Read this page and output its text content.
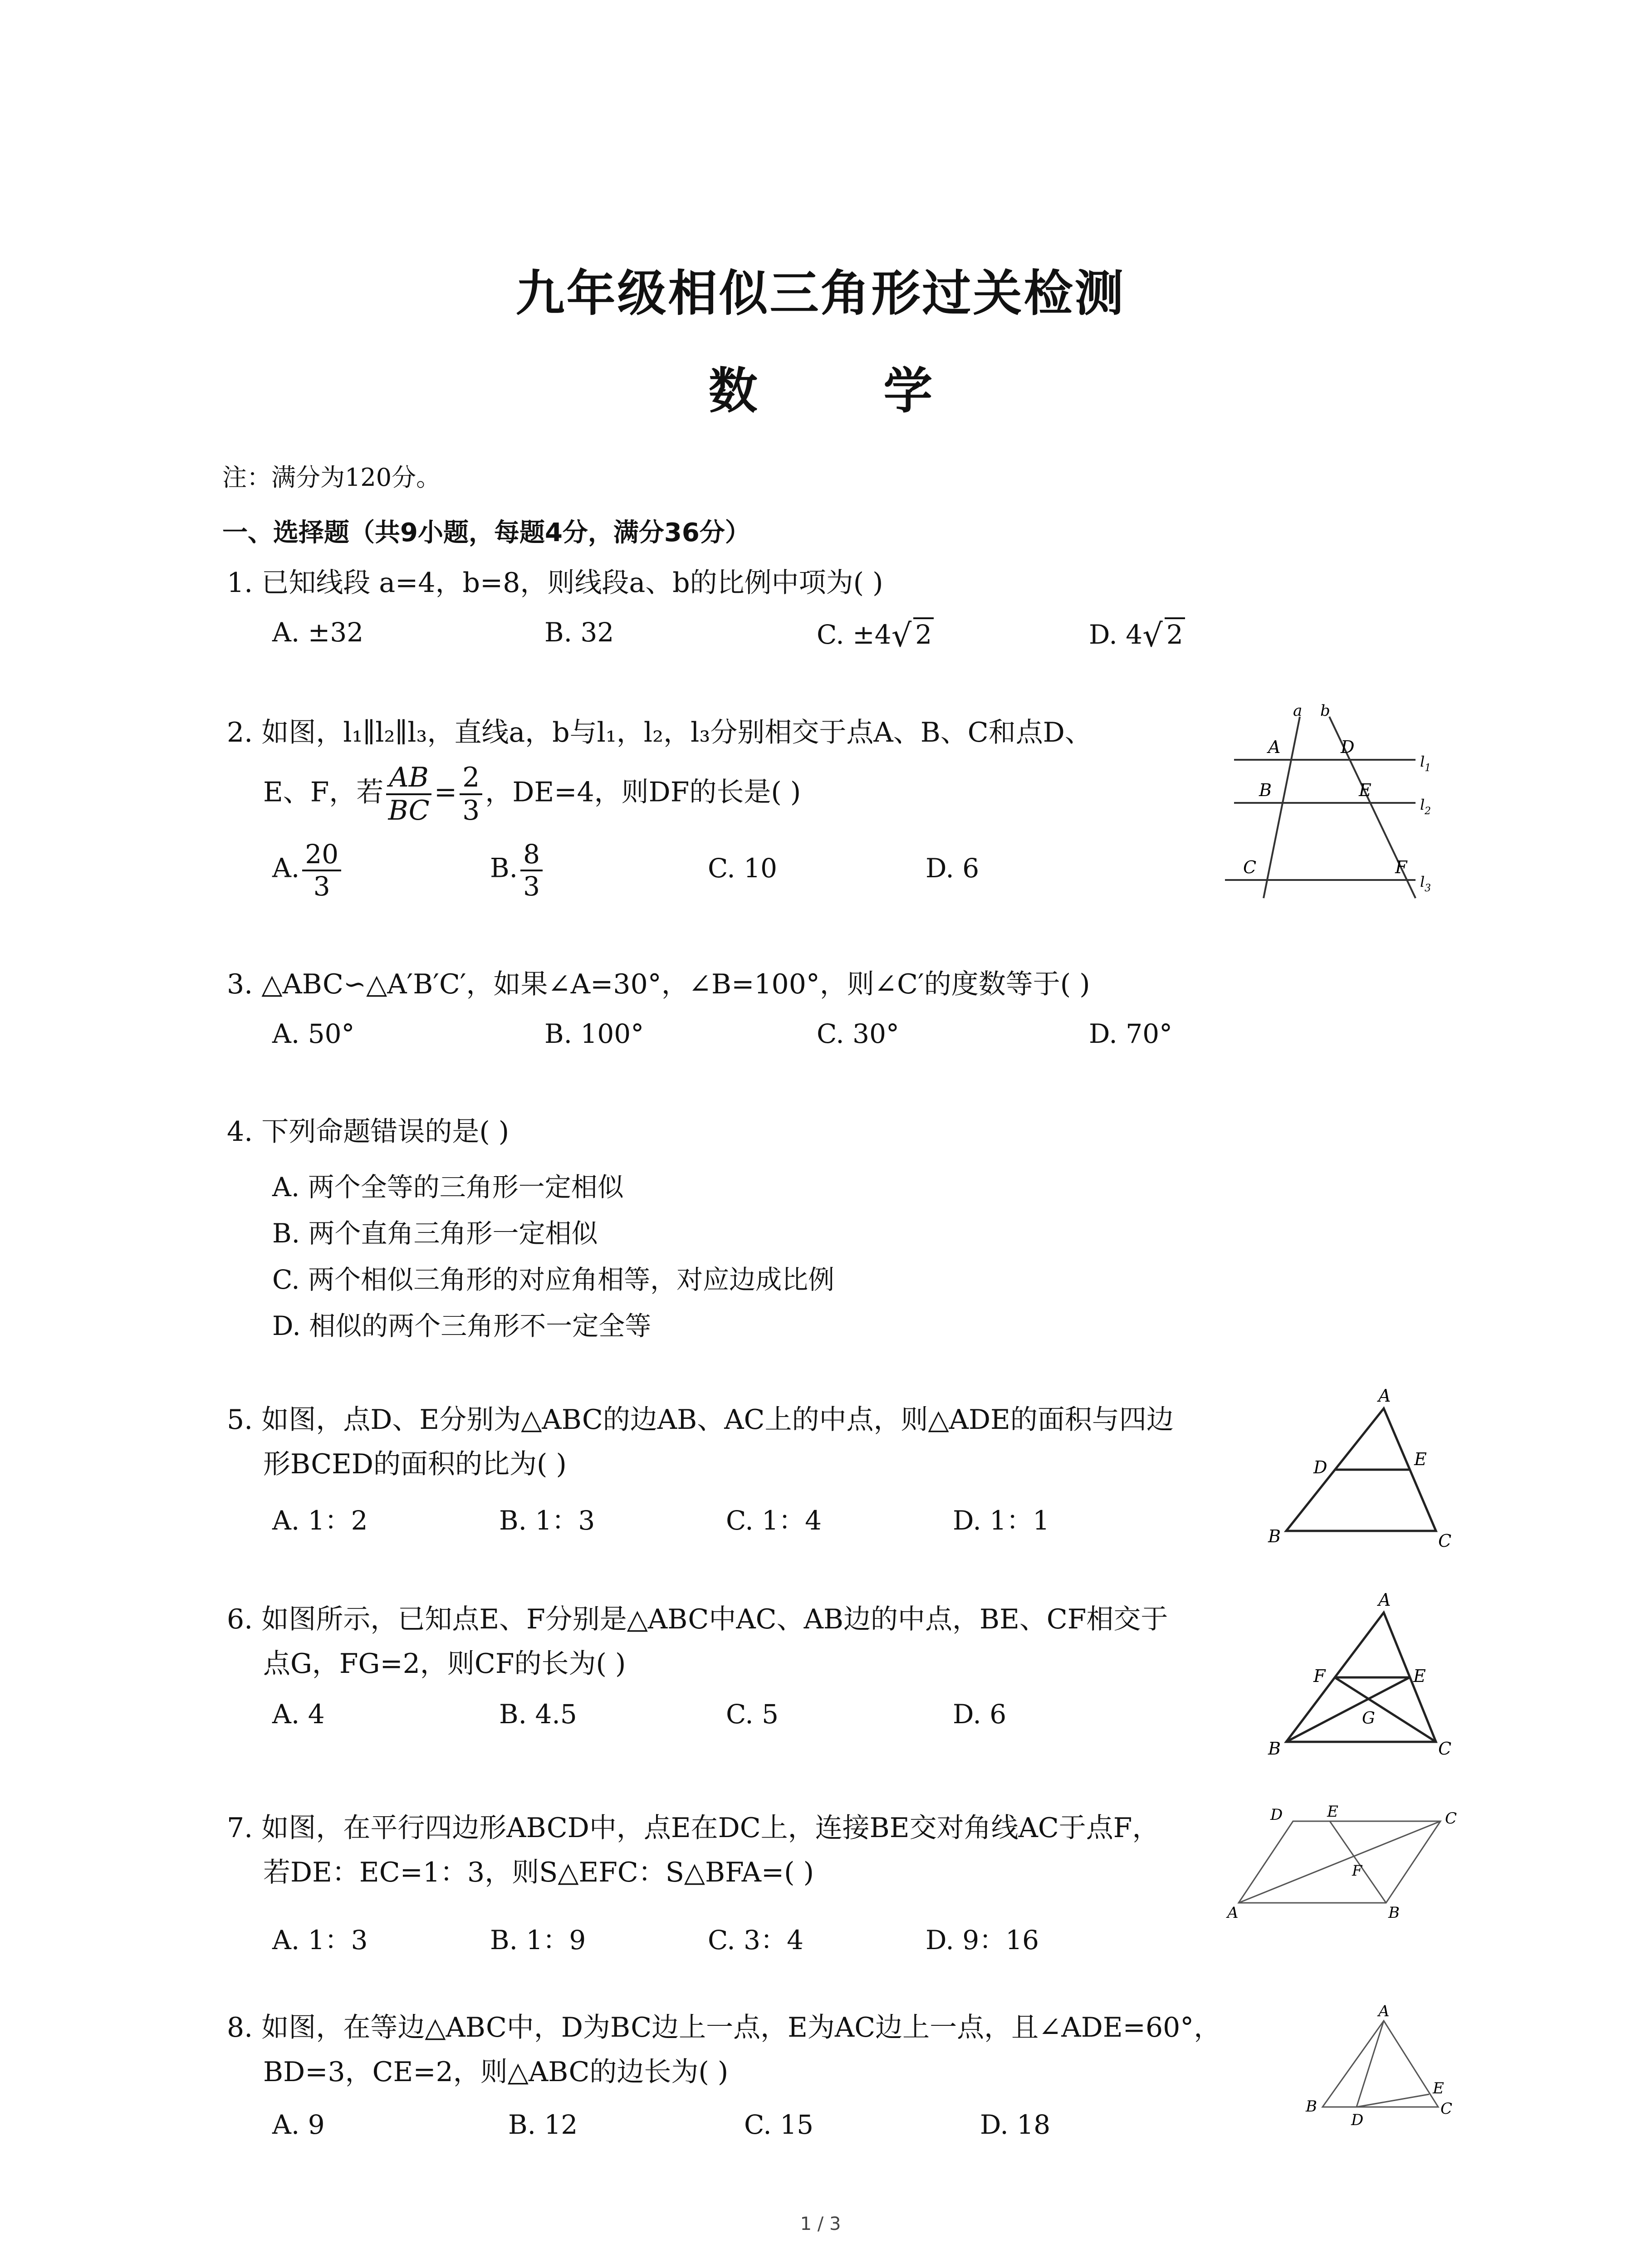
九年级相似三角形过关检测
数 学
注：满分为120分。
一、选择题（共9小题，每题4分，满分36分）
1. 已知线段 a=4，b=8，则线段a、b的比例中项为( )
A. ±32	B. 32	C. ±4√ 2	D. 4√ 2
2. 如图，l₁∥l₂∥l₃，直线a，b与l₁，l₂，l₃分别相交于点A、B、C和点D、
E、F，若 $\frac{AB}{BC} = \frac{2}{3}$ ，DE=4，则DF的长是( )
A. $\frac{20}{3}$	B. $\frac{8}{3}$	C. 10	D. 6
a b
A	D
B	E
C	F
l 1
l 2
l 3
3. △ABC∽△A′B′C′，如果∠A=30°，∠B=100°，则∠C′的度数等于( )
A. 50°	B. 100°	C. 30°	D. 70°
4. 下列命题错误的是( )
A. 两个全等的三角形一定相似
B. 两个直角三角形一定相似
C. 两个相似三角形的对应角相等，对应边成比例
D. 相似的两个三角形不一定全等
5. 如图，点D、E分别为△ABC的边AB、AC上的中点，则△ADE的面积与四边
形BCED的面积的比为( )
A. 1：2	B. 1：3	C. 1：4	D. 1：1
A
D	E
B	C
6. 如图所示，已知点E、F分别是△ABC中AC、AB边的中点，BE、CF相交于
点G，FG=2，则CF的长为( )
A. 4	B. 4.5	C. 5	D. 6
A
F	E
G
B	C
7. 如图，在平行四边形ABCD中，点E在DC上，连接BE交对角线AC于点F，
若DE：EC=1：3，则S△EFC：S△BFA=( )
A. 1：3	B. 1：9	C. 3：4	D. 9：16
D	E	C
F
A	B
8. 如图，在等边△ABC中，D为BC边上一点，E为AC边上一点，且∠ADE=60°，
BD=3，CE=2，则△ABC的边长为( )
A. 9	B. 12	C. 15	D. 18
A
B
D
E
C
1 / 3
